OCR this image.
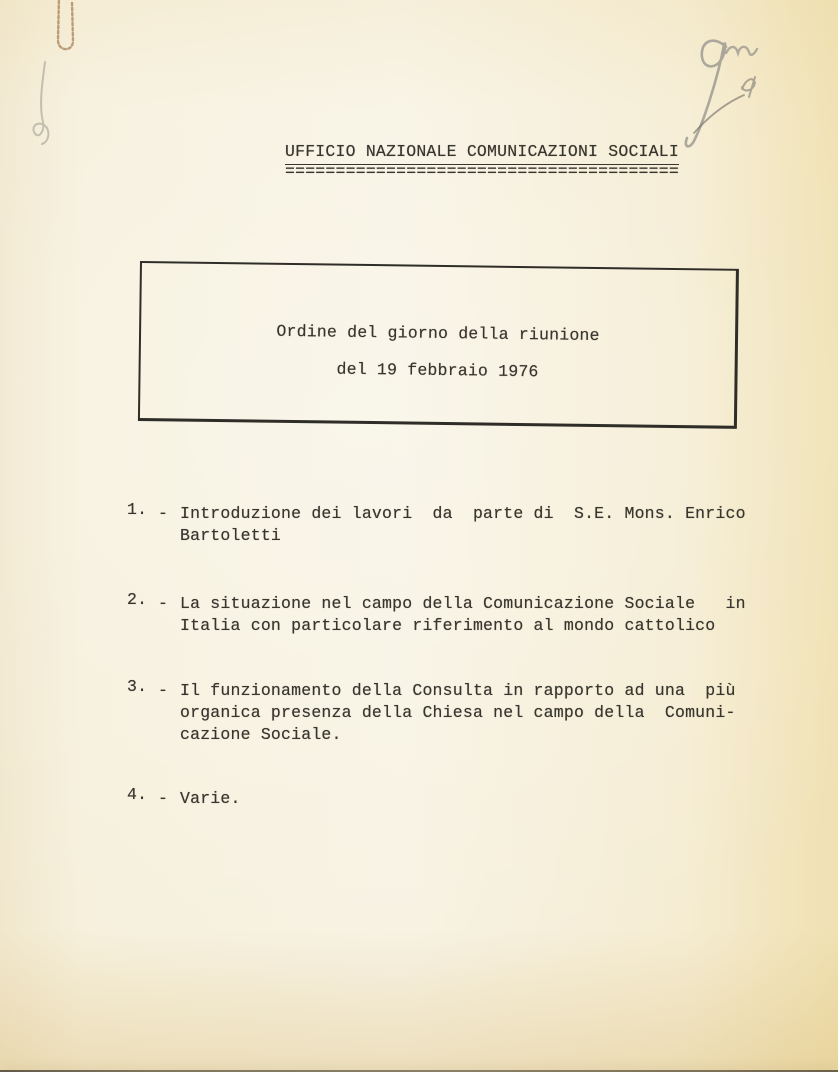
UFFICIO NAZIONALE COMUNICAZIONI SOCIALI
=======================================
Ordine del giorno della riunione
del 19 febbraio 1976
1. - Introduzione dei lavori  da  parte di  S.E. Mons. Enrico
Bartoletti
2. - La situazione nel campo della Comunicazione Sociale   in
Italia con particolare riferimento al mondo cattolico
3. - Il funzionamento della Consulta in rapporto ad una  più
organica presenza della Chiesa nel campo della  Comuni-
cazione Sociale.
4. - Varie.
